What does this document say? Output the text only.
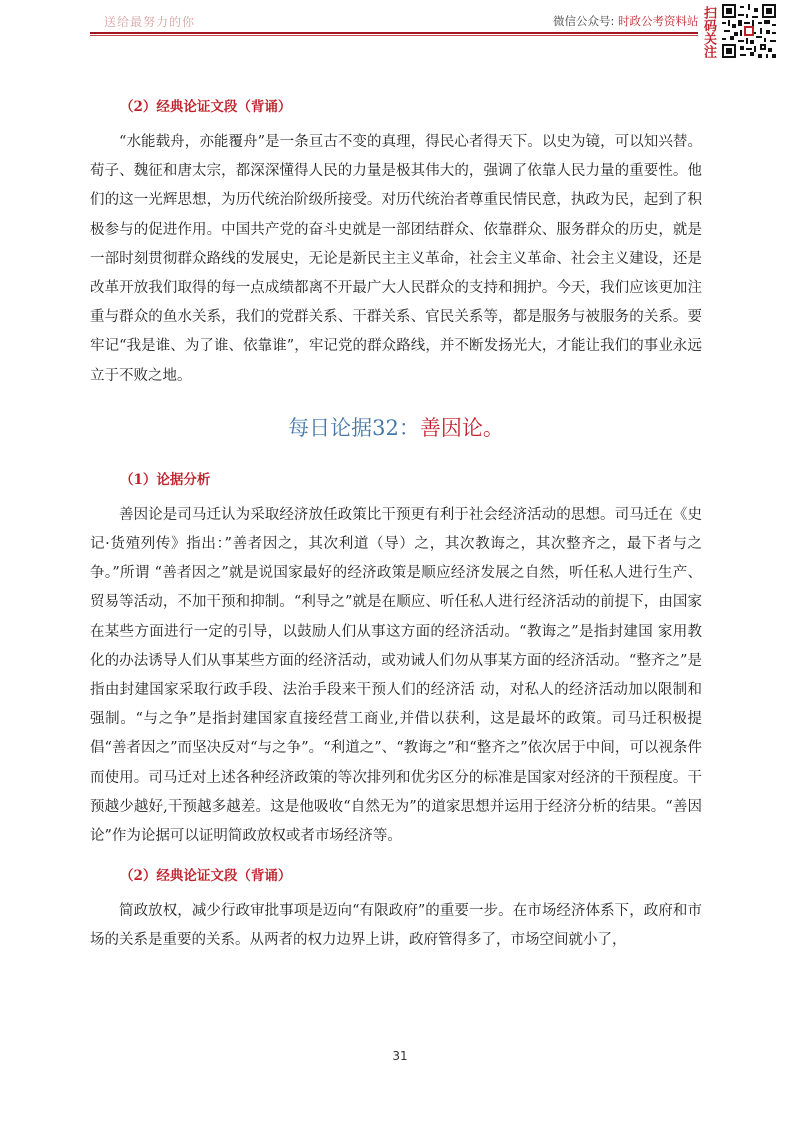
送给最努力的你	微信公众号: 时政公考资料站 扫码关注
（2）经典论证文段（背诵）

“水能载舟，亦能覆舟”是一条亘古不变的真理，得民心者得天下。以史为镜，可以知兴替。荀子、魏征和唐太宗，都深深懂得人民的力量是极其伟大的，强调了依靠人民力量的重要性。他们的这一光辉思想，为历代统治阶级所接受。对历代统治者尊重民情民意，执政为民，起到了积极参与的促进作用。中国共产党的奋斗史就是一部团结群众、依靠群众、服务群众的历史，就是一部时刻贯彻群众路线的发展史，无论是新民主主义革命，社会主义革命、社会主义建设，还是改革开放我们取得的每一点成绩都离不开最广大人民群众的支持和拥护。今天，我们应该更加注重与群众的鱼水关系，我们的党群关系、干群关系、官民关系等，都是服务与被服务的关系。要牢记“我是谁、为了谁、依靠谁”，牢记党的群众路线，并不断发扬光大，才能让我们的事业永远立于不败之地。

每日论据32：善因论。
（1）论据分析

善因论是司马迁认为采取经济放任政策比干预更有利于社会经济活动的思想。司马迁在《史记·货殖列传》指出：”善者因之，其次利道（导）之，其次教诲之，其次整齐之，最下者与之争。”所谓 “善者因之”就是说国家最好的经济政策是顺应经济发展之自然，听任私人进行生产、贸易等活动，不加干预和抑制。“利导之”就是在顺应、听任私人进行经济活动的前提下，由国家在某些方面进行一定的引导，以鼓励人们从事这方面的经济活动。“教诲之”是指封建国 家用教化的办法诱导人们从事某些方面的经济活动，或劝诫人们勿从事某方面的经济活动。“整齐之”是指由封建国家采取行政手段、法治手段来干预人们的经济活 动，对私人的经济活动加以限制和强制。“与之争”是指封建国家直接经营工商业,并借以获利，这是最坏的政策。司马迁积极提倡“善者因之”而坚决反对“与之争”。“利道之”、“教诲之”和“整齐之”依次居于中间，可以视条件而使用。司马迁对上述各种经济政策的等次排列和优劣区分的标准是国家对经济的干预程度。干预越少越好,干预越多越差。这是他吸收“自然无为”的道家思想并运用于经济分析的结果。“善因论”作为论据可以证明简政放权或者市场经济等。

（2）经典论证文段（背诵）

简政放权，减少行政审批事项是迈向“有限政府”的重要一步。在市场经济体系下，政府和市场的关系是重要的关系。从两者的权力边界上讲，政府管得多了，市场空间就小了，

31
